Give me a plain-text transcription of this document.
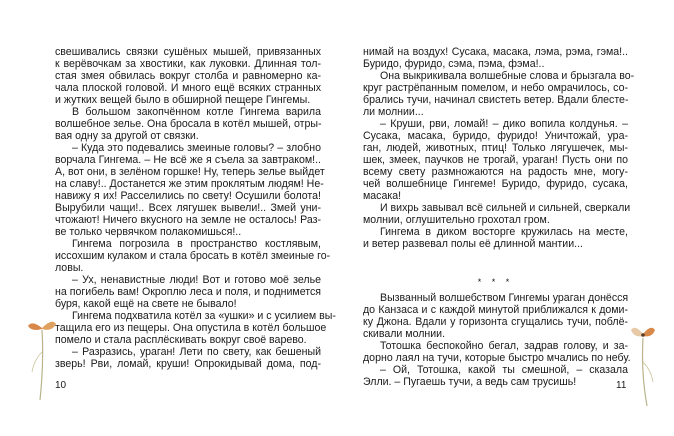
свешивались связки сушёных мышей, привязанных
к верёвочкам за хвостики, как луковки. Длинная тол-
стая змея обвилась вокруг столба и равномерно ка-
чала плоской головой. И много ещё всяких странных
и жутких вещей было в обширной пещере Гингемы.
В большом закопчённом котле Гингема варила
волшебное зелье. Она бросала в котёл мышей, отры-
вая одну за другой от связки.
– Куда это подевались змеиные головы? – злобно
ворчала Гингема. – Не всё же я съела за завтраком!..
А, вот они, в зелёном горшке! Ну, теперь зелье выйдет
на славу!.. Достанется же этим проклятым людям! Не-
навижу я их! Расселились по свету! Осушили болота!
Вырубили чащи!.. Всех лягушек вывели!.. Змей уни-
чтожают! Ничего вкусного на земле не осталось! Раз-
ве только червячком полакомишься!..
Гингема погрозила в пространство костлявым,
иссохшим кулаком и стала бросать в котёл змеиные го-
ловы.
– Ух, ненавистные люди! Вот и готово моё зелье
на погибель вам! Окроплю леса и поля, и поднимется
буря, какой ещё на свете не бывало!
Гингема подхватила котёл за «ушки» и с усилием вы-
тащила его из пещеры. Она опустила в котёл большое
помело и стала расплёскивать вокруг своё варево.
– Разразись, ураган! Лети по свету, как бешеный
зверь! Рви, ломай, круши! Опрокидывай дома, под-
нимай на воздух! Сусака, масака, лэма, рэма, гэма!..
Буридо, фуридо, сэма, пэма, фэма!..
Она выкрикивала волшебные слова и брызгала во-
круг растрёпанным помелом, и небо омрачилось, со-
брались тучи, начинал свистеть ветер. Вдали блесте-
ли молнии...
– Круши, рви, ломай! – дико вопила колдунья. –
Сусака, масака, буридо, фуридо! Уничтожай, ура-
ган, людей, животных, птиц! Только лягушечек, мы-
шек, змеек, паучков не трогай, ураган! Пусть они по
всему свету размножаются на радость мне, могу-
чей волшебнице Гингеме! Буридо, фуридо, сусака,
масака!
И вихрь завывал всё сильней и сильней, сверкали
молнии, оглушительно грохотал гром.
Гингема в диком восторге кружилась на месте,
и ветер развевал полы её длинной мантии...
* * *
Вызванный волшебством Гингемы ураган донёсся
до Канзаса и с каждой минутой приближался к доми-
ку Джона. Вдали у горизонта сгущались тучи, поблё-
скивали молнии.
Тотошка беспокойно бегал, задрав голову, и за-
дорно лаял на тучи, которые быстро мчались по небу.
– Ой, Тотошка, какой ты смешной, – сказала
Элли. – Пугаешь тучи, а ведь сам трусишь!
10	11
